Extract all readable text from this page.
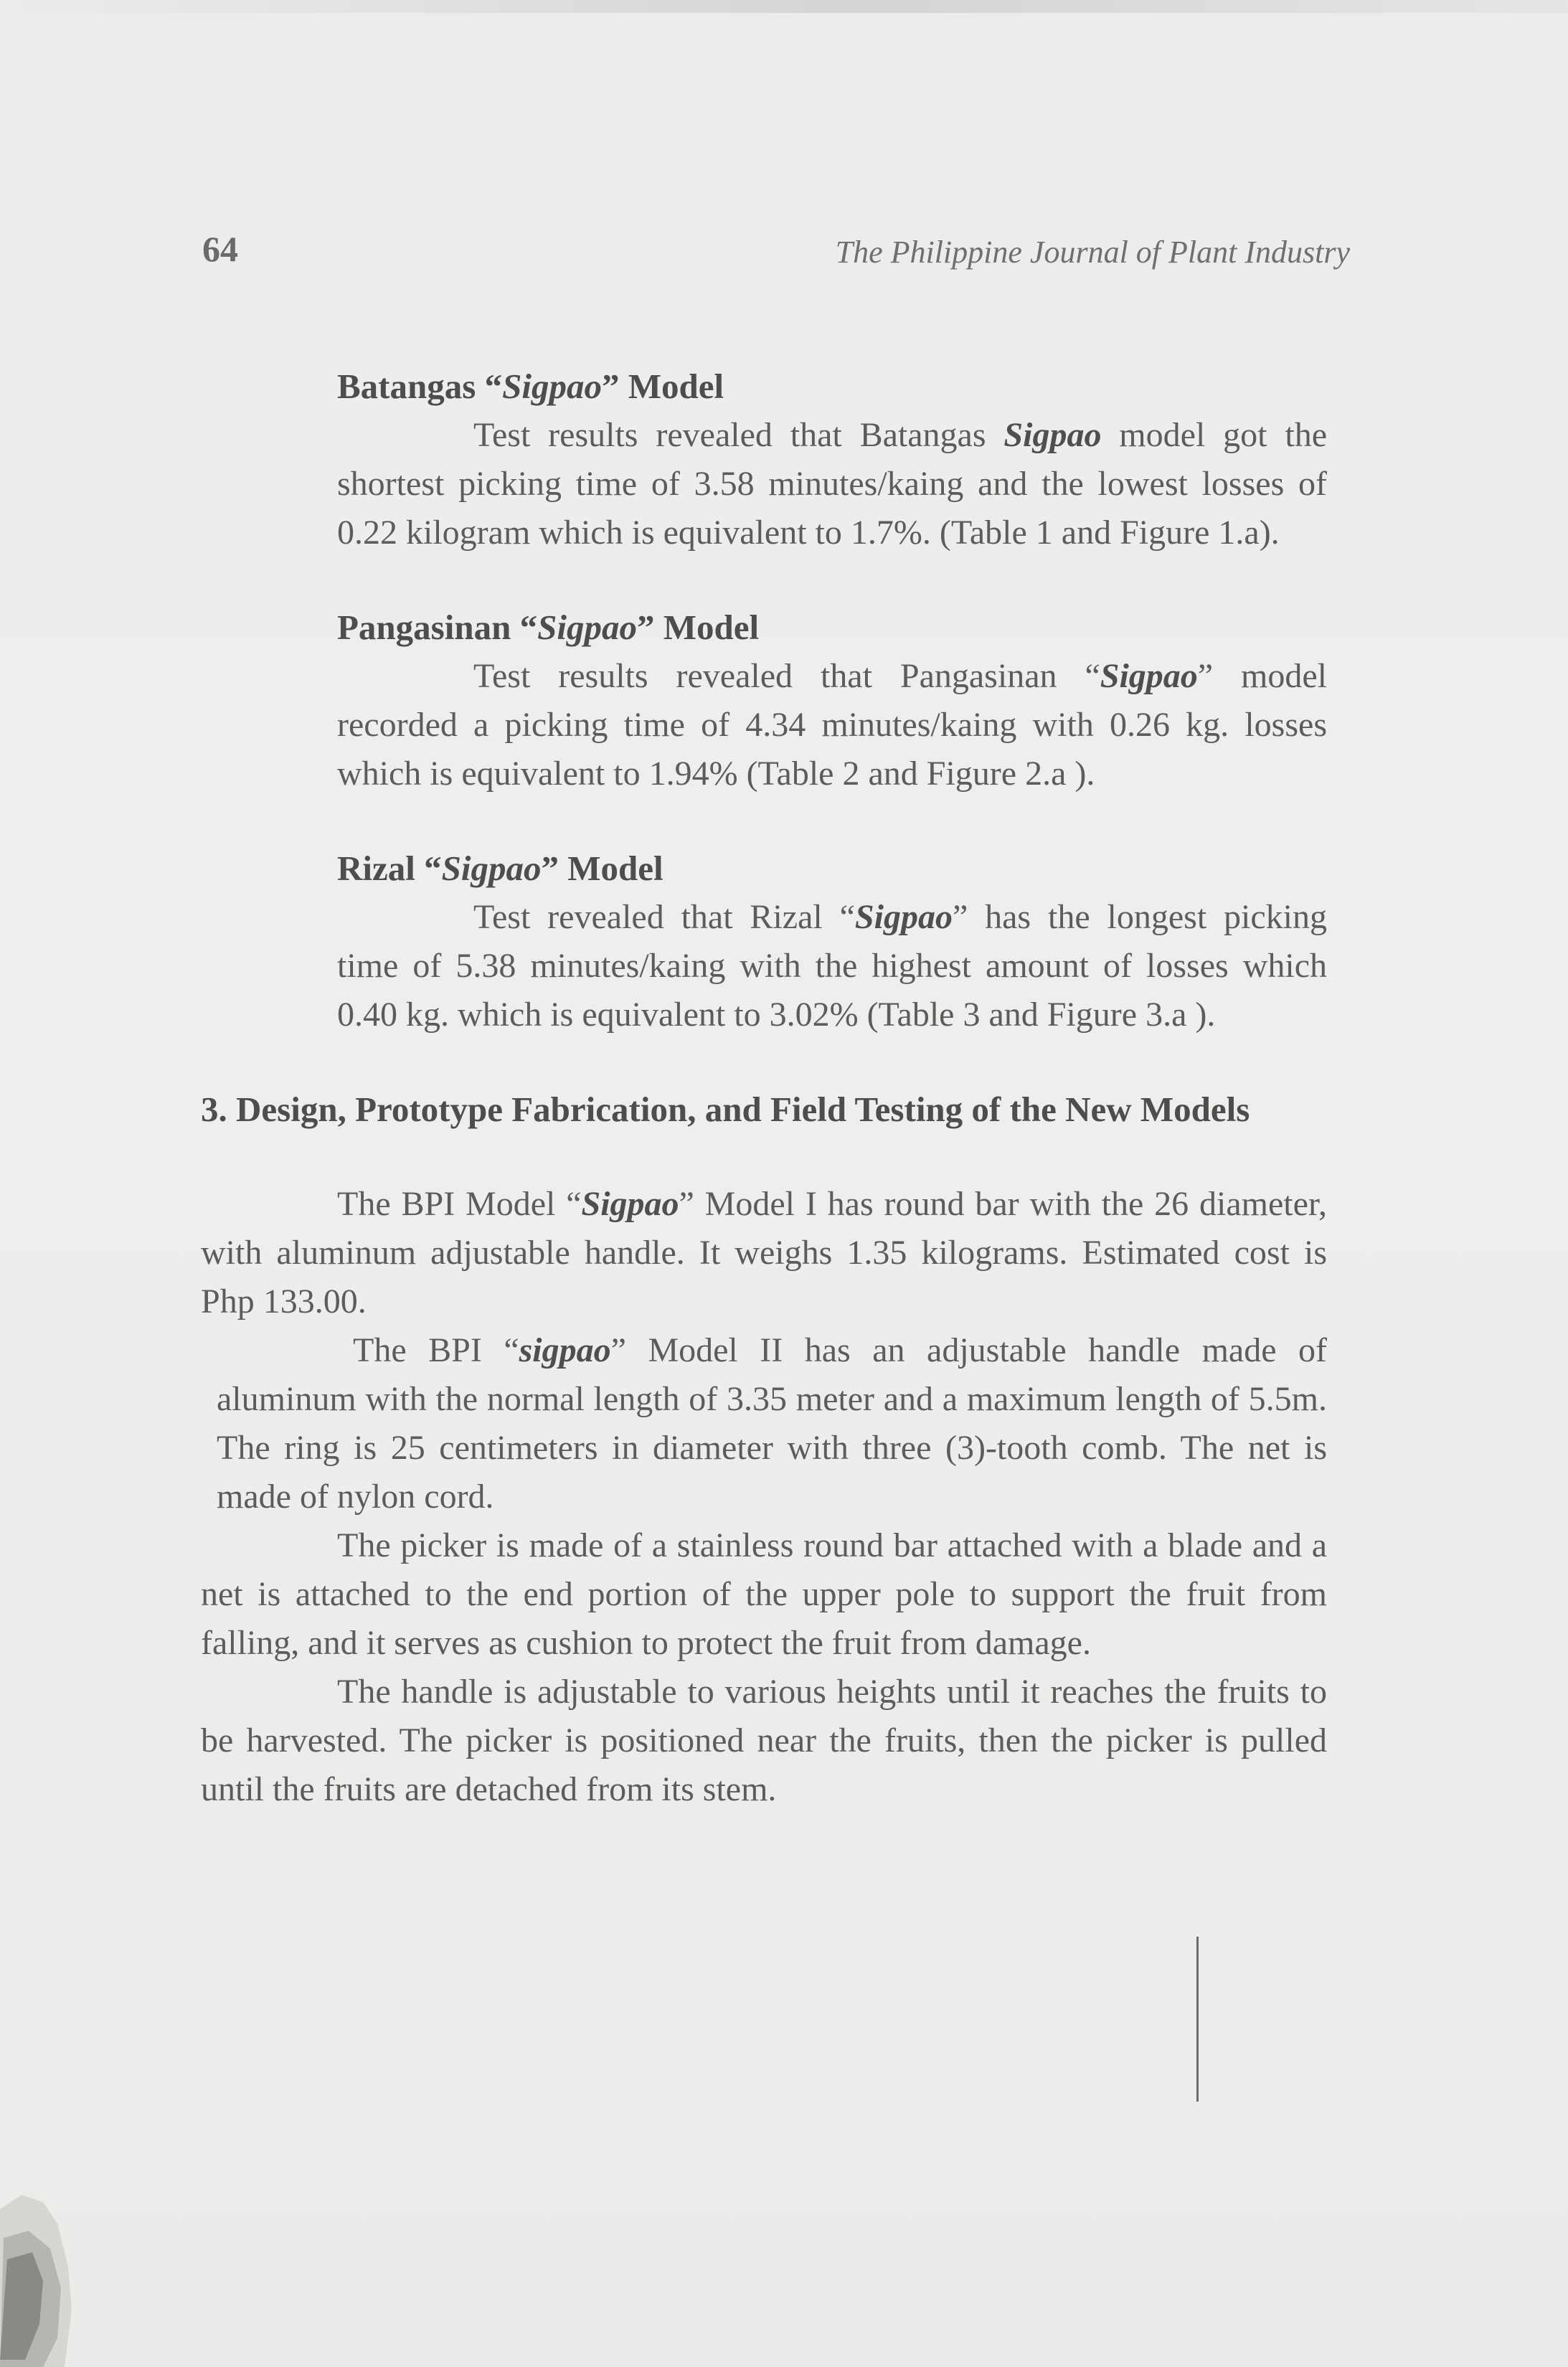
64	The Philippine Journal of Plant Industry
Batangas “Sigpao” Model

Test results revealed that Batangas Sigpao model got the shortest picking time of 3.58 minutes/kaing and the lowest losses of 0.22 kilogram which is equivalent to 1.7%. (Table 1 and Figure 1.a).

Pangasinan “Sigpao” Model

Test results revealed that Pangasinan “Sigpao” model recorded a picking time of 4.34 minutes/kaing with 0.26 kg. losses which is equivalent to 1.94% (Table 2 and Figure 2.a ).

Rizal “Sigpao” Model

Test revealed that Rizal “Sigpao” has the longest picking time of 5.38 minutes/kaing with the highest amount of losses which 0.40 kg. which is equivalent to 3.02% (Table 3 and Figure 3.a ).

3. Design, Prototype Fabrication, and Field Testing of the New Models

The BPI Model “Sigpao” Model I has round bar with the 26 diameter, with aluminum adjustable handle. It weighs 1.35 kilograms. Estimated cost is Php 133.00.

The BPI “sigpao” Model II has an adjustable handle made of aluminum with the normal length of 3.35 meter and a maximum length of 5.5m. The ring is 25 centimeters in diameter with three (3)-tooth comb. The net is made of nylon cord.

The picker is made of a stainless round bar attached with a blade and a net is attached to the end portion of the upper pole to support the fruit from falling, and it serves as cushion to protect the fruit from damage.

The handle is adjustable to various heights until it reaches the fruits to be harvested. The picker is positioned near the fruits, then the picker is pulled until the fruits are detached from its stem.
